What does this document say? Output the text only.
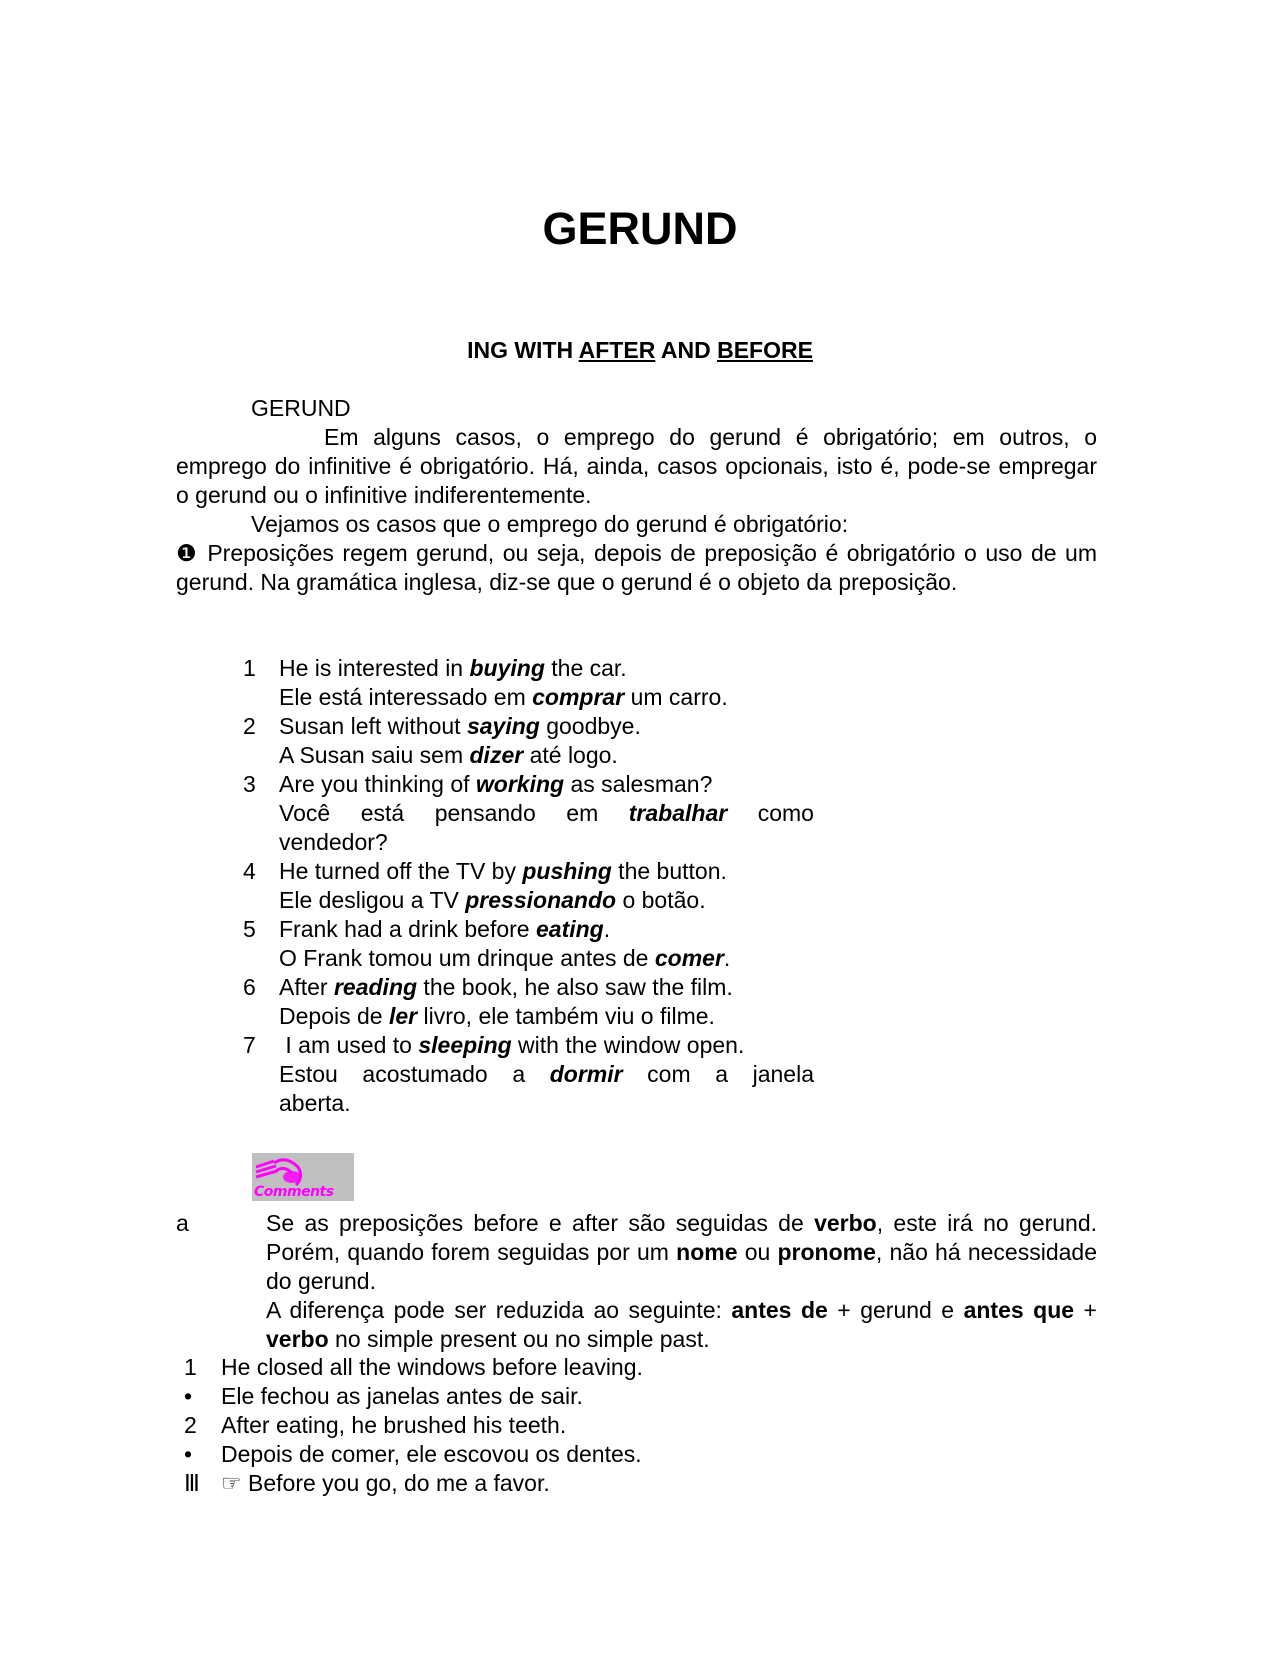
GERUND
ING WITH AFTER AND BEFORE
GERUND
Em alguns casos, o emprego do gerund é obrigatório; em outros, o emprego do infinitive é obrigatório. Há, ainda, casos opcionais, isto é, pode-se empregar o gerund ou o infinitive indiferentemente.
Vejamos os casos que o emprego do gerund é obrigatório:
❶ Preposições regem gerund, ou seja, depois de preposição é obrigatório o uso de um gerund. Na gramática inglesa, diz-se que o gerund é o objeto da preposição.
1	He is interested in buying the car.
Ele está interessado em comprar um carro.
2	Susan left without saying goodbye.
A Susan saiu sem dizer até logo.
3	Are you thinking of working as salesman?
Você está pensando em trabalhar como
vendedor?
4	He turned off the TV by pushing the button.
Ele desligou a TV pressionando o botão.
5	Frank had a drink before eating.
O Frank tomou um drinque antes de comer.
6	After reading the book, he also saw the film.
Depois de ler livro, ele também viu o filme.
7	I am used to sleeping with the window open.
Estou acostumado a dormir com a janela
aberta.
Comments
a	Se as preposições before e after são seguidas de verbo, este irá no gerund. Porém, quando forem seguidas por um nome ou pronome, não há necessidade do gerund.
A diferença pode ser reduzida ao seguinte: antes de + gerund e antes que + verbo no simple present ou no simple past.
1	He closed all the windows before leaving.
•	Ele fechou as janelas antes de sair.
2	After eating, he brushed his teeth.
•	Depois de comer, ele escovou os dentes.
Ⅲ ☞ Before you go, do me a favor.
